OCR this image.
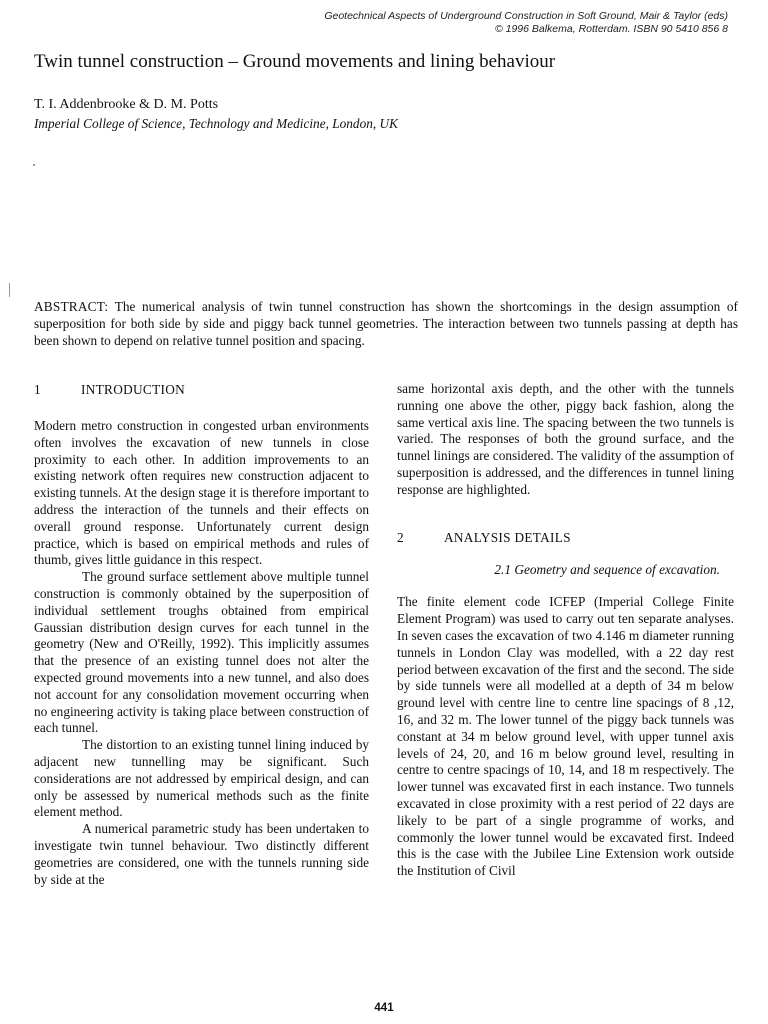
Geotechnical Aspects of Underground Construction in Soft Ground, Mair & Taylor (eds)
© 1996 Balkema, Rotterdam. ISBN 90 5410 856 8
Twin tunnel construction – Ground movements and lining behaviour
T. I. Addenbrooke & D. M. Potts
Imperial College of Science, Technology and Medicine, London, UK
ABSTRACT: The numerical analysis of twin tunnel construction has shown the shortcomings in the design assumption of superposition for both side by side and piggy back tunnel geometries. The interaction between two tunnels passing at depth has been shown to depend on relative tunnel position and spacing.
1	INTRODUCTION

Modern metro construction in congested urban environments often involves the excavation of new tunnels in close proximity to each other. In addition improvements to an existing network often requires new construction adjacent to existing tunnels. At the design stage it is therefore important to address the interaction of the tunnels and their effects on overall ground response. Unfortunately current design practice, which is based on empirical methods and rules of thumb, gives little guidance in this respect.

The ground surface settlement above multiple tunnel construction is commonly obtained by the superposition of individual settlement troughs obtained from empirical Gaussian distribution design curves for each tunnel in the geometry (New and O'Reilly, 1992). This implicitly assumes that the presence of an existing tunnel does not alter the expected ground movements into a new tunnel, and also does not account for any consolidation movement occurring when no engineering activity is taking place between construction of each tunnel.

The distortion to an existing tunnel lining induced by adjacent new tunnelling may be significant. Such considerations are not addressed by empirical design, and can only be assessed by numerical methods such as the finite element method.

A numerical parametric study has been undertaken to investigate twin tunnel behaviour. Two distinctly different geometries are considered, one with the tunnels running side by side at the

same horizontal axis depth, and the other with the tunnels running one above the other, piggy back fashion, along the same vertical axis line. The spacing between the two tunnels is varied. The responses of both the ground surface, and the tunnel linings are considered. The validity of the assumption of superposition is addressed, and the differences in tunnel lining response are highlighted.

2	ANALYSIS DETAILS

2.1 Geometry and sequence of excavation.

The finite element code ICFEP (Imperial College Finite Element Program) was used to carry out ten separate analyses. In seven cases the excavation of two 4.146 m diameter running tunnels in London Clay was modelled, with a 22 day rest period between excavation of the first and the second. The side by side tunnels were all modelled at a depth of 34 m below ground level with centre line to centre line spacings of 8 ,12, 16, and 32 m. The lower tunnel of the piggy back tunnels was constant at 34 m below ground level, with upper tunnel axis levels of 24, 20, and 16 m below ground level, resulting in centre to centre spacings of 10, 14, and 18 m respectively. The lower tunnel was excavated first in each instance. Two tunnels excavated in close proximity with a rest period of 22 days are likely to be part of a single programme of works, and commonly the lower tunnel would be excavated first. Indeed this is the case with the Jubilee Line Extension work outside the Institution of Civil

441
